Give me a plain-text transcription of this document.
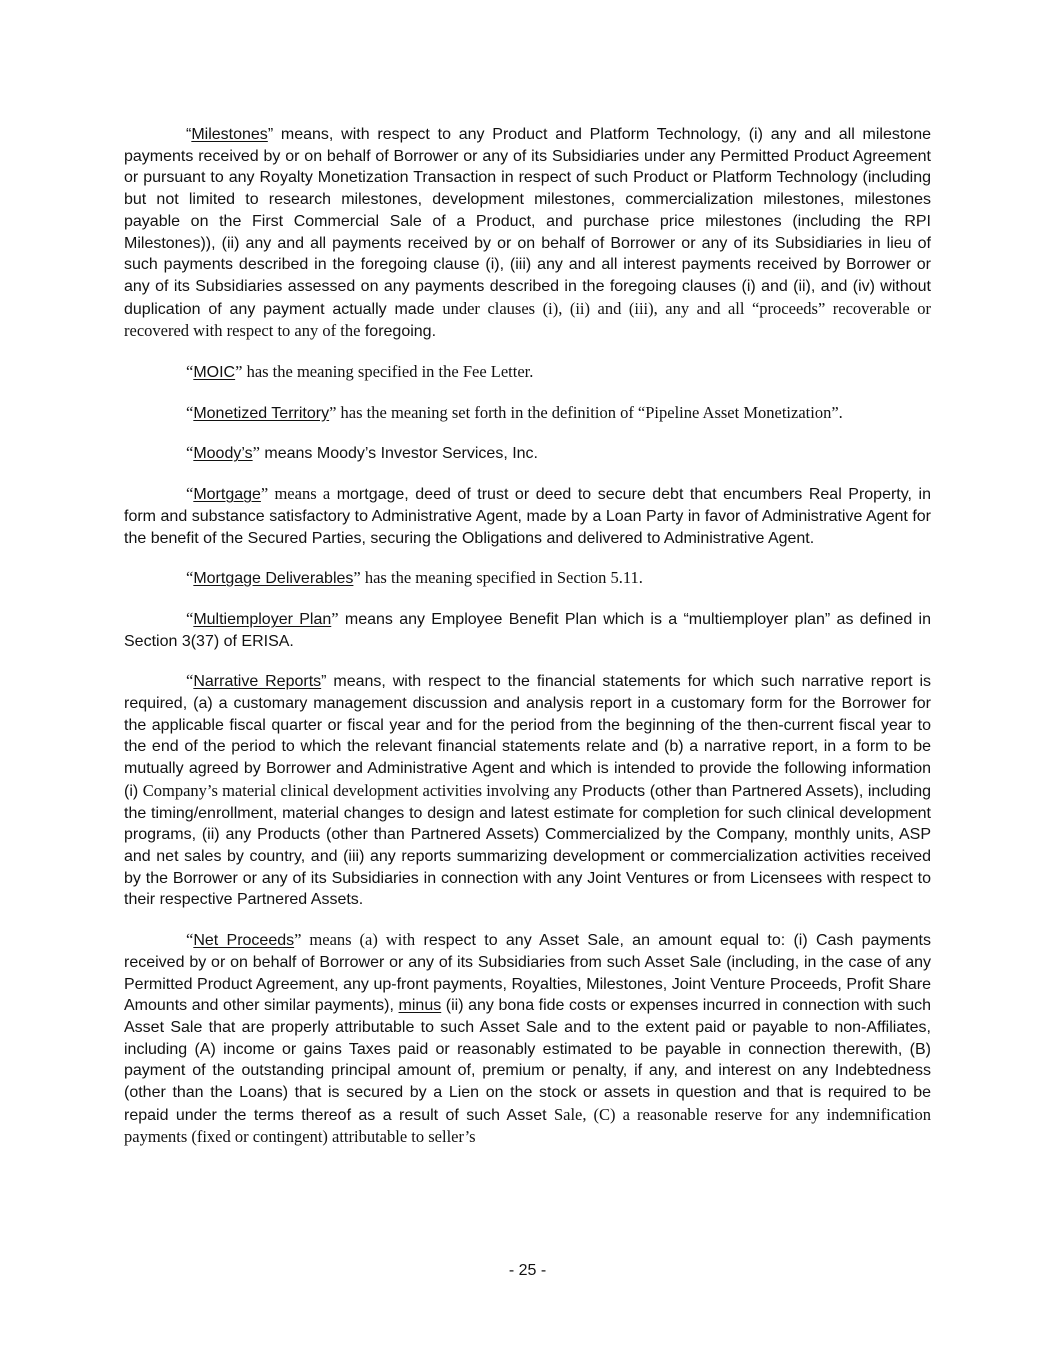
“Milestones” means, with respect to any Product and Platform Technology, (i) any and all milestone payments received by or on behalf of Borrower or any of its Subsidiaries under any Permitted Product Agreement or pursuant to any Royalty Monetization Transaction in respect of such Product or Platform Technology (including but not limited to research milestones, development milestones, commercialization milestones, milestones payable on the First Commercial Sale of a Product, and purchase price milestones (including the RPI Milestones)), (ii) any and all payments received by or on behalf of Borrower or any of its Subsidiaries in lieu of such payments described in the foregoing clause (i), (iii) any and all interest payments received by Borrower or any of its Subsidiaries assessed on any payments described in the foregoing clauses (i) and (ii), and (iv) without duplication of any payment actually made under clauses (i), (ii) and (iii), any and all “proceeds” recoverable or recovered with respect to any of the foregoing.

“MOIC” has the meaning specified in the Fee Letter.

“Monetized Territory” has the meaning set forth in the definition of “Pipeline Asset Monetization”.

“Moody’s” means Moody’s Investor Services, Inc.

“Mortgage” means a mortgage, deed of trust or deed to secure debt that encumbers Real Property, in form and substance satisfactory to Administrative Agent, made by a Loan Party in favor of Administrative Agent for the benefit of the Secured Parties, securing the Obligations and delivered to Administrative Agent.

“Mortgage Deliverables” has the meaning specified in Section 5.11.

“Multiemployer Plan” means any Employee Benefit Plan which is a “multiemployer plan” as defined in Section 3(37) of ERISA.

“Narrative Reports” means, with respect to the financial statements for which such narrative report is required, (a) a customary management discussion and analysis report in a customary form for the Borrower for the applicable fiscal quarter or fiscal year and for the period from the beginning of the then-current fiscal year to the end of the period to which the relevant financial statements relate and (b) a narrative report, in a form to be mutually agreed by Borrower and Administrative Agent and which is intended to provide the following information (i) Company’s material clinical development activities involving any Products (other than Partnered Assets), including the timing/enrollment, material changes to design and latest estimate for completion for such clinical development programs, (ii) any Products (other than Partnered Assets) Commercialized by the Company, monthly units, ASP and net sales by country, and (iii) any reports summarizing development or commercialization activities received by the Borrower or any of its Subsidiaries in connection with any Joint Ventures or from Licensees with respect to their respective Partnered Assets.

“Net Proceeds” means (a) with respect to any Asset Sale, an amount equal to: (i) Cash payments received by or on behalf of Borrower or any of its Subsidiaries from such Asset Sale (including, in the case of any Permitted Product Agreement, any up-front payments, Royalties, Milestones, Joint Venture Proceeds, Profit Share Amounts and other similar payments), minus (ii) any bona fide costs or expenses incurred in connection with such Asset Sale that are properly attributable to such Asset Sale and to the extent paid or payable to non-Affiliates, including (A) income or gains Taxes paid or reasonably estimated to be payable in connection therewith, (B) payment of the outstanding principal amount of, premium or penalty, if any, and interest on any Indebtedness (other than the Loans) that is secured by a Lien on the stock or assets in question and that is required to be repaid under the terms thereof as a result of such Asset Sale, (C) a reasonable reserve for any indemnification payments (fixed or contingent) attributable to seller’s

- 25 -
